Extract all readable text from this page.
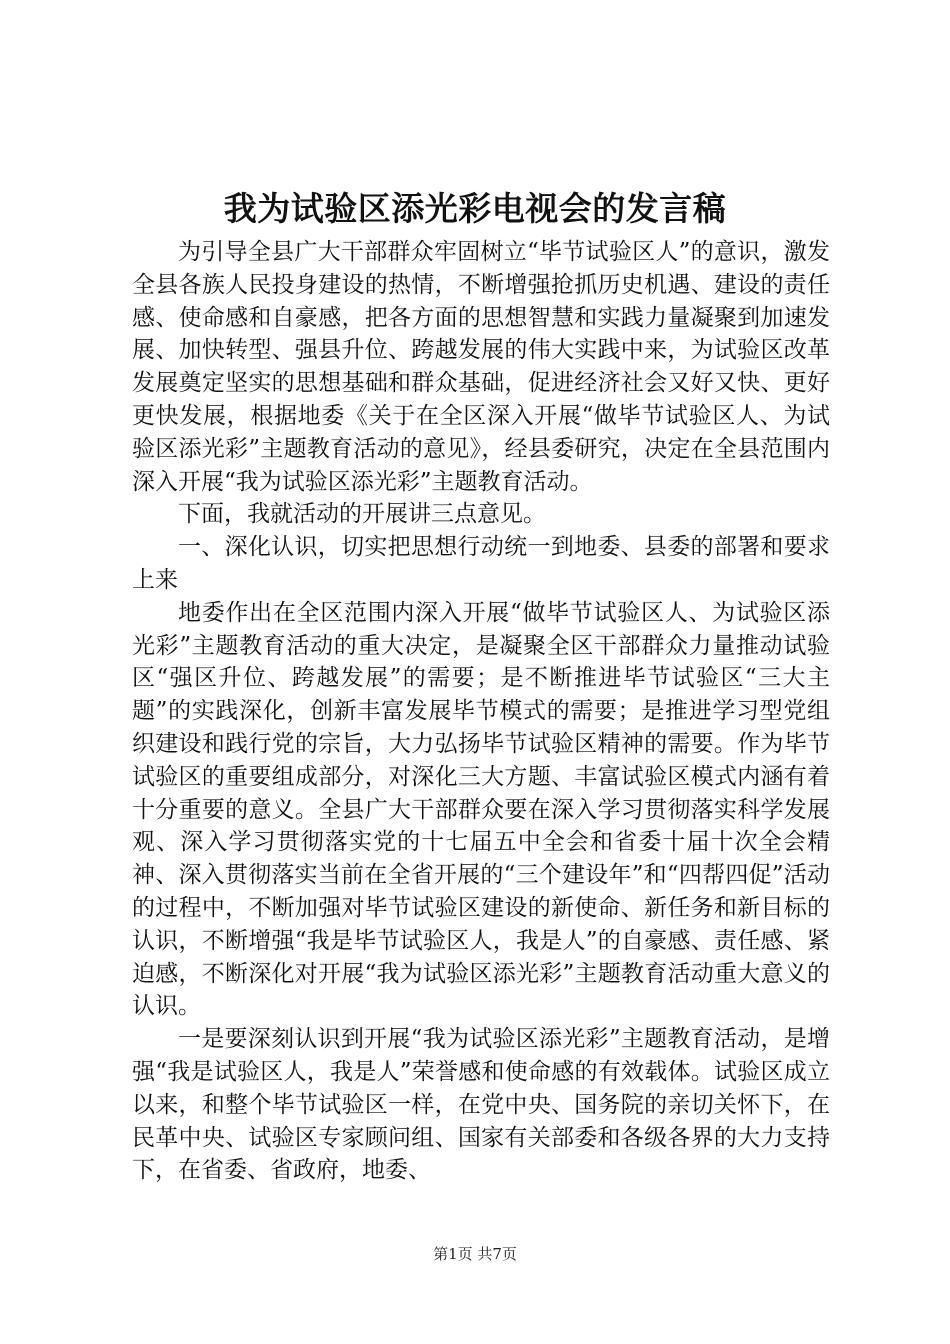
我为试验区添光彩电视会的发言稿

为引导全县广大干部群众牢固树立“毕节试验区人”的意识，激发全县各族人民投身建设的热情，不断增强抢抓历史机遇、建设的责任感、使命感和自豪感，把各方面的思想智慧和实践力量凝聚到加速发展、加快转型、强县升位、跨越发展的伟大实践中来，为试验区改革发展奠定坚实的思想基础和群众基础，促进经济社会又好又快、更好更快发展，根据地委《关于在全区深入开展“做毕节试验区人、为试验区添光彩”主题教育活动的意见》，经县委研究，决定在全县范围内深入开展“我为试验区添光彩”主题教育活动。

下面，我就活动的开展讲三点意见。

一、深化认识，切实把思想行动统一到地委、县委的部署和要求上来

地委作出在全区范围内深入开展“做毕节试验区人、为试验区添光彩”主题教育活动的重大决定，是凝聚全区干部群众力量推动试验区“强区升位、跨越发展”的需要；是不断推进毕节试验区“三大主题”的实践深化，创新丰富发展毕节模式的需要；是推进学习型党组织建设和践行党的宗旨，大力弘扬毕节试验区精神的需要。作为毕节试验区的重要组成部分，对深化三大方题、丰富试验区模式内涵有着十分重要的意义。全县广大干部群众要在深入学习贯彻落实科学发展观、深入学习贯彻落实党的十七届五中全会和省委十届十次全会精神、深入贯彻落实当前在全省开展的“三个建设年”和“四帮四促”活动的过程中，不断加强对毕节试验区建设的新使命、新任务和新目标的认识，不断增强“我是毕节试验区人，我是人”的自豪感、责任感、紧迫感，不断深化对开展“我为试验区添光彩”主题教育活动重大意义的认识。

一是要深刻认识到开展“我为试验区添光彩”主题教育活动，是增强“我是试验区人，我是人”荣誉感和使命感的有效载体。试验区成立以来，和整个毕节试验区一样，在党中央、国务院的亲切关怀下，在民革中央、试验区专家顾问组、国家有关部委和各级各界的大力支持下，在省委、省政府，地委、

第1页 共7页
